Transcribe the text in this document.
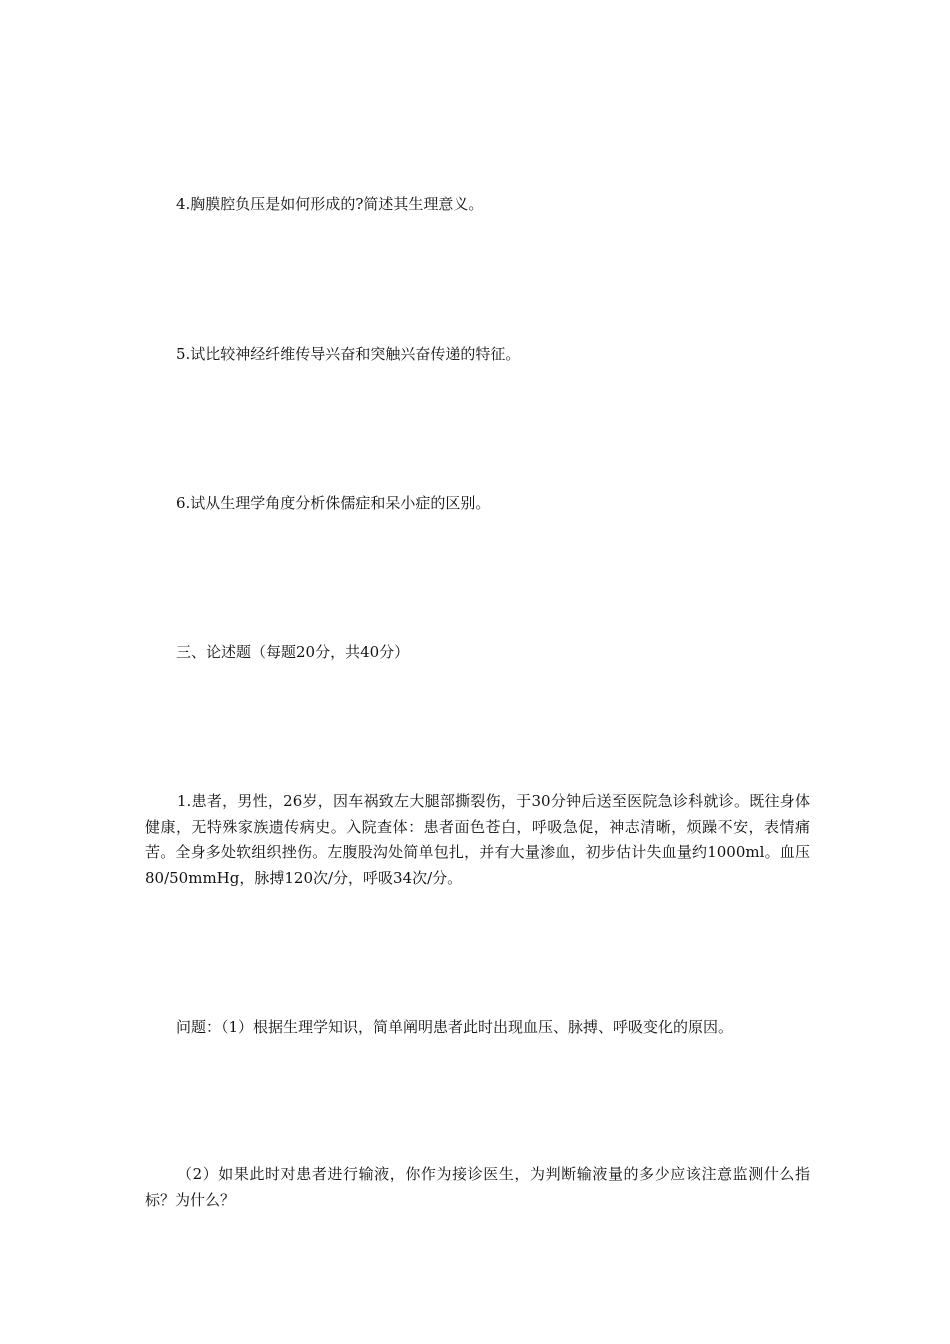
4.胸膜腔负压是如何形成的?简述其生理意义。
5.试比较神经纤维传导兴奋和突触兴奋传递的特征。
6.试从生理学角度分析侏儒症和呆小症的区别。
三、论述题（每题20分，共40分）
1.患者，男性，26岁，因车祸致左大腿部撕裂伤，于30分钟后送至医院急诊科就诊。既往身体健康，无特殊家族遗传病史。入院查体：患者面色苍白，呼吸急促，神志清晰，烦躁不安，表情痛苦。全身多处软组织挫伤。左腹股沟处简单包扎，并有大量渗血，初步估计失血量约1000ml。血压80/50mmHg，脉搏120次/分，呼吸34次/分。
问题：（1）根据生理学知识，简单阐明患者此时出现血压、脉搏、呼吸变化的原因。
（2）如果此时对患者进行输液，你作为接诊医生，为判断输液量的多少应该注意监测什么指标？为什么？
